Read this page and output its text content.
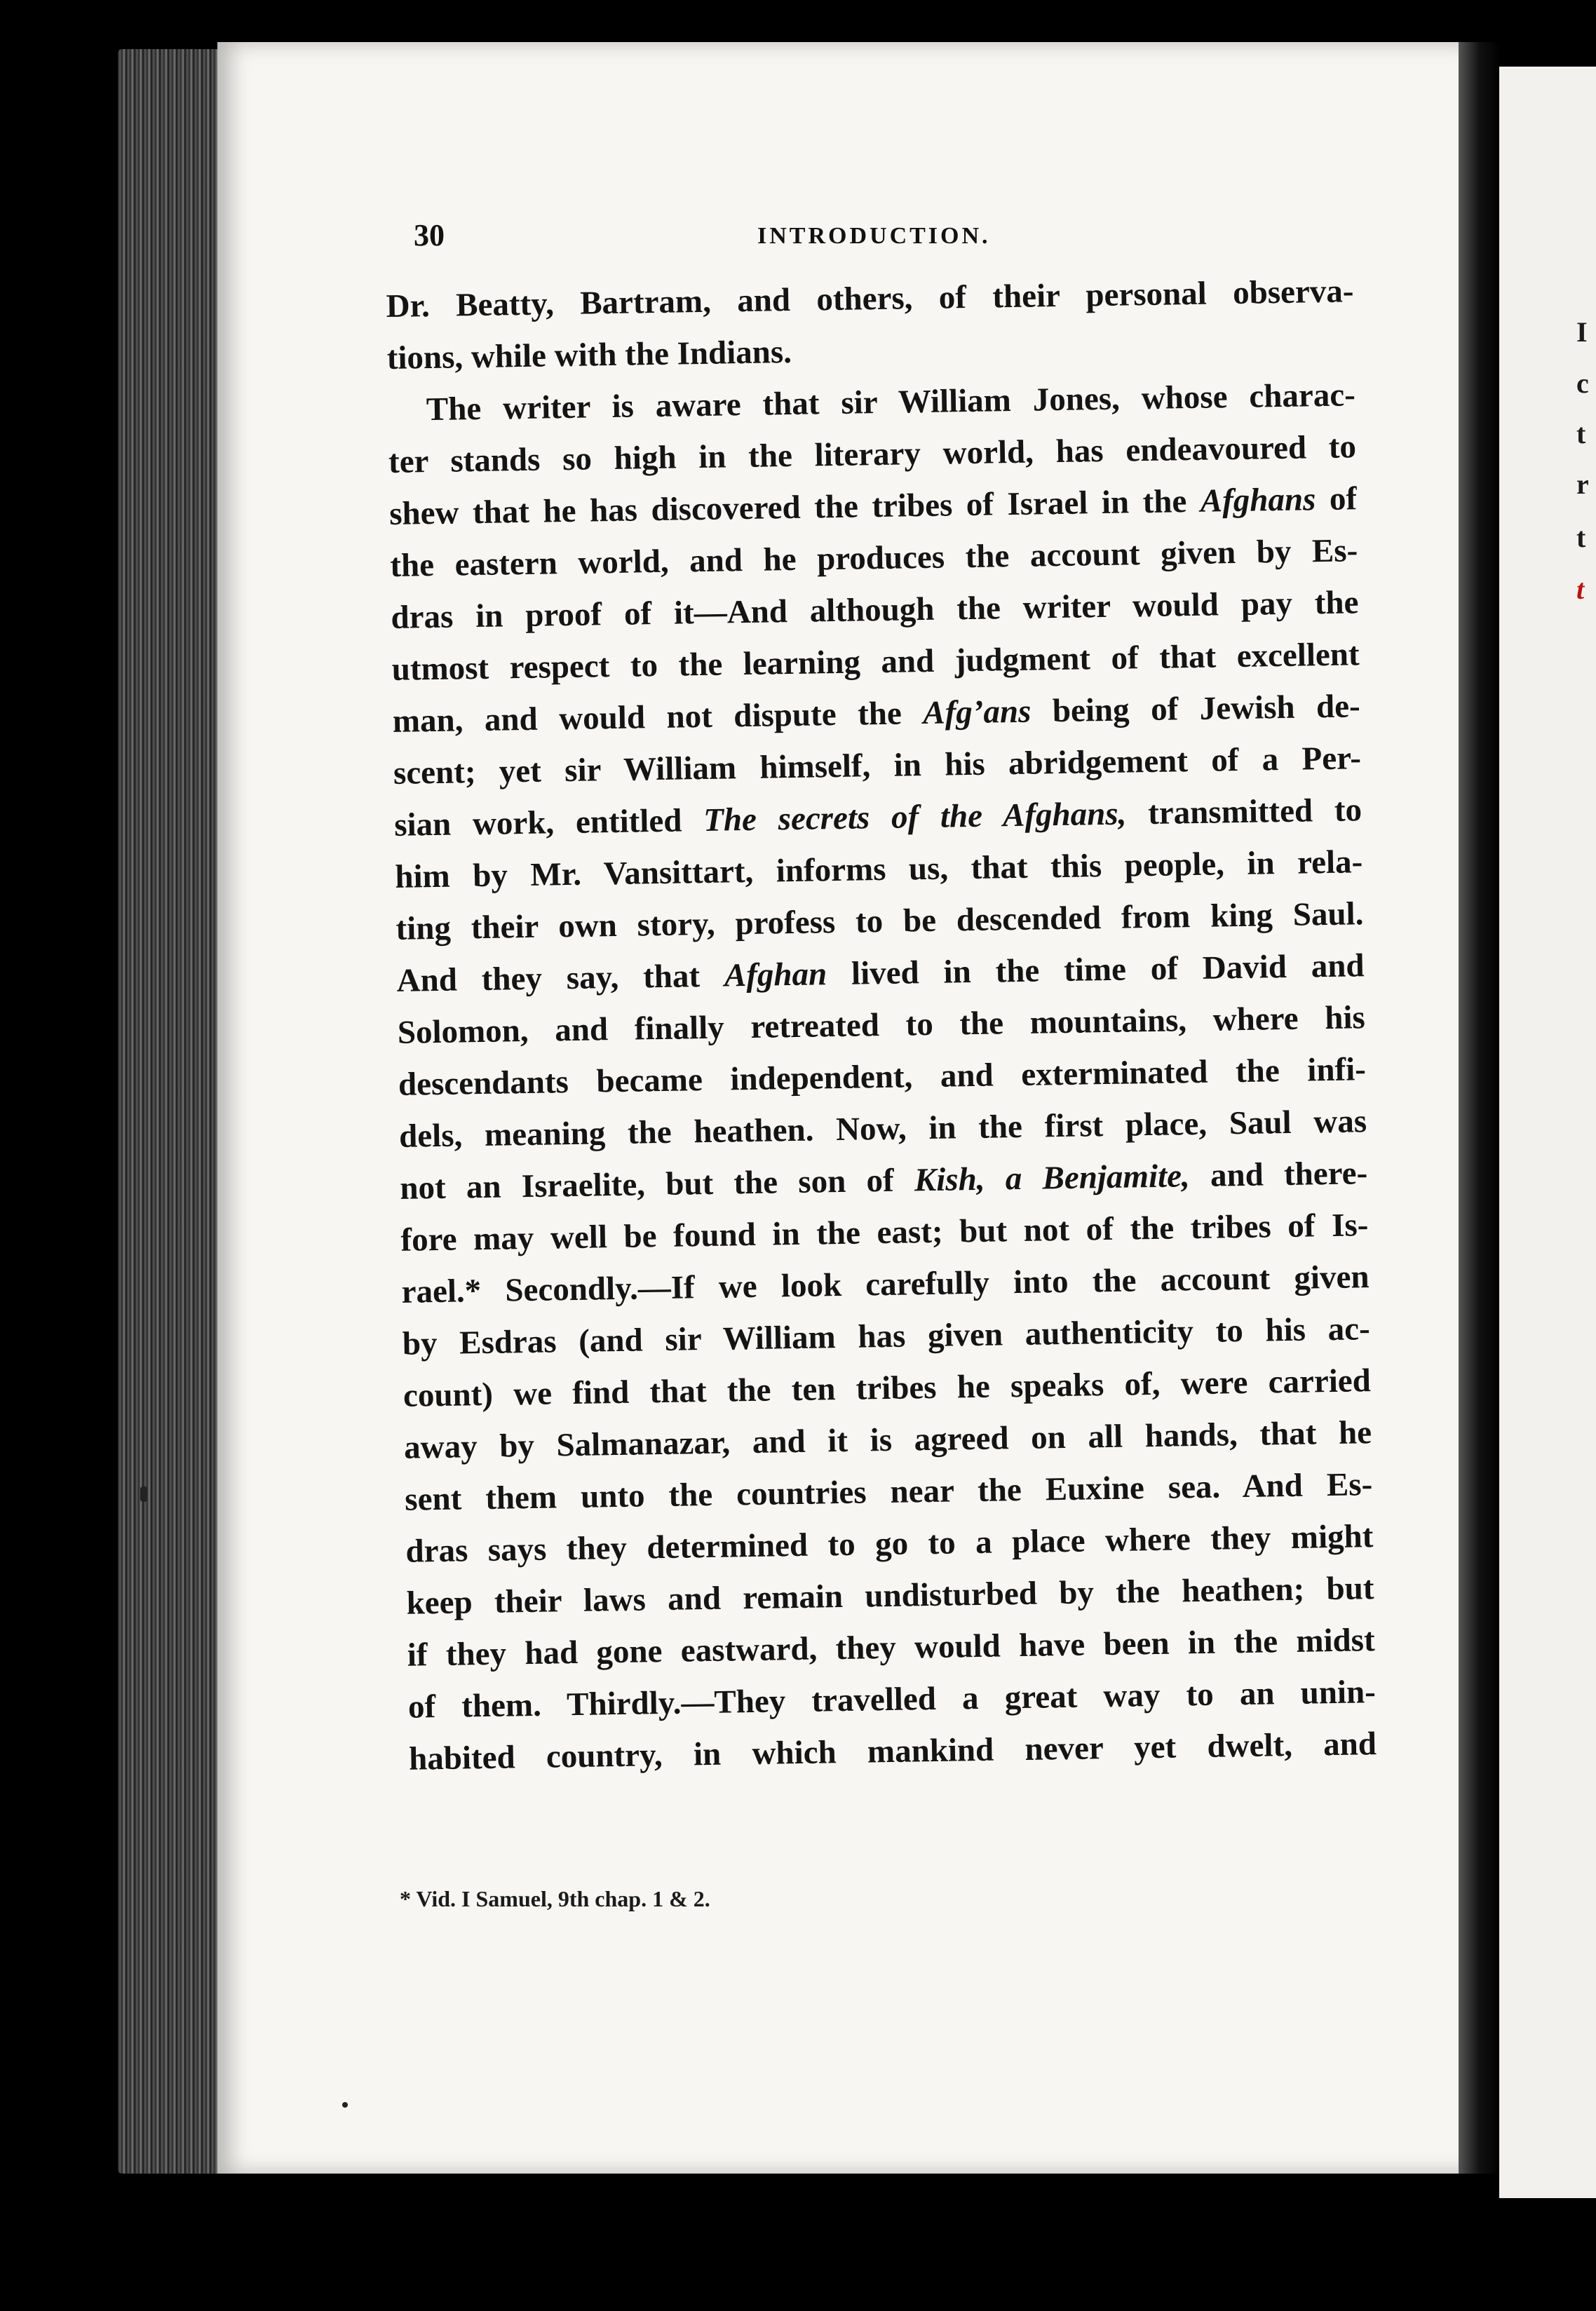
I
c
t
r
t
t
30	INTRODUCTION.
Dr. Beatty, Bartram, and others, of their personal observa-
tions, while with the Indians.
The writer is aware that sir William Jones, whose charac-
ter stands so high in the literary world, has endeavoured to
shew that he has discovered the tribes of Israel in the Afghans of
the eastern world, and he produces the account given by Es-
dras in proof of it—And although the writer would pay the
utmost respect to the learning and judgment of that excellent
man, and would not dispute the Afgʼans being of Jewish de-
scent; yet sir William himself, in his abridgement of a Per-
sian work, entitled The secrets of the Afghans, transmitted to
him by Mr. Vansittart, informs us, that this people, in rela-
ting their own story, profess to be descended from king Saul.
And they say, that Afghan lived in the time of David and
Solomon, and finally retreated to the mountains, where his
descendants became independent, and exterminated the infi-
dels, meaning the heathen. Now, in the first place, Saul was
not an Israelite, but the son of Kish, a Benjamite, and there-
fore may well be found in the east; but not of the tribes of Is-
rael.* Secondly.—If we look carefully into the account given
by Esdras (and sir William has given authenticity to his ac-
count) we find that the ten tribes he speaks of, were carried
away by Salmanazar, and it is agreed on all hands, that he
sent them unto the countries near the Euxine sea. And Es-
dras says they determined to go to a place where they might
keep their laws and remain undisturbed by the heathen; but
if they had gone eastward, they would have been in the midst
of them. Thirdly.—They travelled a great way to an unin-
habited country, in which mankind never yet dwelt, and
* Vid. I Samuel, 9th chap. 1 & 2.
